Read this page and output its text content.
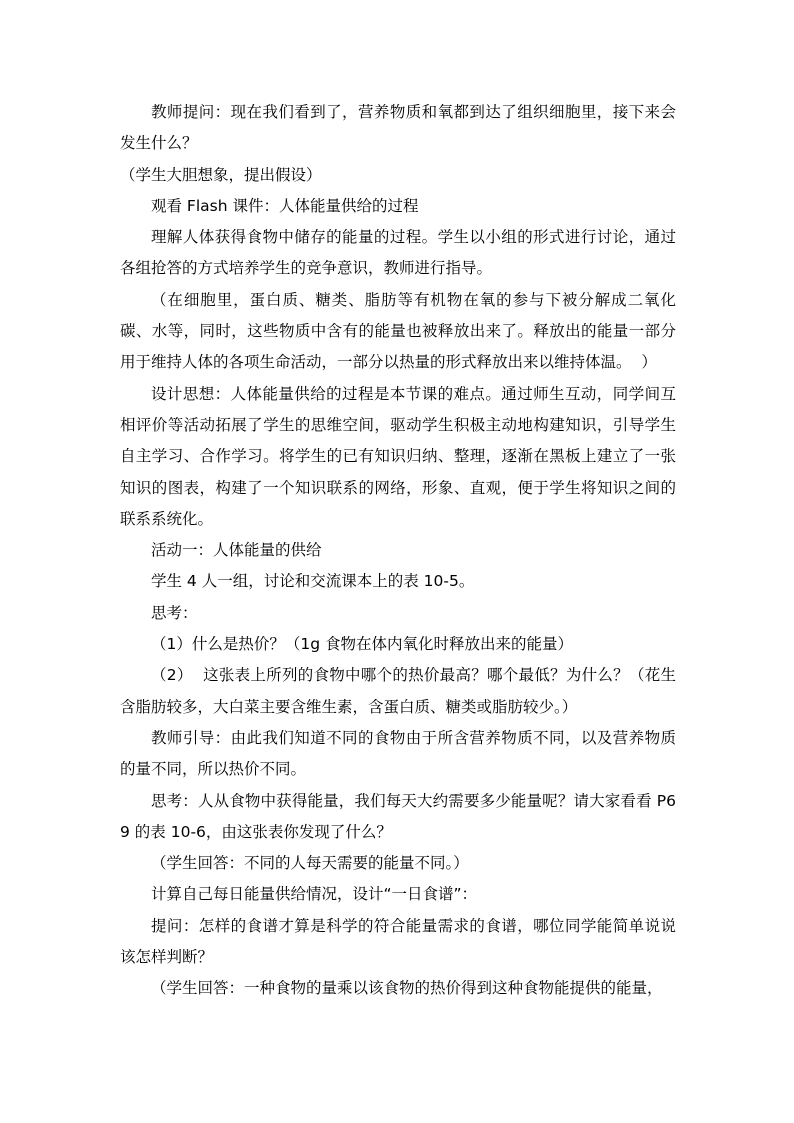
教师提问：现在我们看到了，营养物质和氧都到达了组织细胞里，接下来会发生什么？

（学生大胆想象，提出假设）

观看 Flash 课件：人体能量供给的过程

理解人体获得食物中储存的能量的过程。学生以小组的形式进行讨论，通过各组抢答的方式培养学生的竞争意识，教师进行指导。

（在细胞里，蛋白质、糖类、脂肪等有机物在氧的参与下被分解成二氧化碳、水等，同时，这些物质中含有的能量也被释放出来了。释放出的能量一部分用于维持人体的各项生命活动，一部分以热量的形式释放出来以维持体温。  ）

设计思想：人体能量供给的过程是本节课的难点。通过师生互动，同学间互相评价等活动拓展了学生的思维空间，驱动学生积极主动地构建知识，引导学生自主学习、合作学习。将学生的已有知识归纳、整理，逐渐在黑板上建立了一张知识的图表，构建了一个知识联系的网络，形象、直观，便于学生将知识之间的联系系统化。

活动一：人体能量的供给

学生 4 人一组，讨论和交流课本上的表 10-5。

思考：

（1）什么是热价？（1g 食物在体内氧化时释放出来的能量）

（2）  这张表上所列的食物中哪个的热价最高？哪个最低？为什么？（花生含脂肪较多，大白菜主要含维生素，含蛋白质、糖类或脂肪较少。）

教师引导：由此我们知道不同的食物由于所含营养物质不同，以及营养物质的量不同，所以热价不同。

思考：人从食物中获得能量，我们每天大约需要多少能量呢？请大家看看 P69 的表 10-6，由这张表你发现了什么？

（学生回答：不同的人每天需要的能量不同。）

计算自己每日能量供给情况，设计“一日食谱”：

提问：怎样的食谱才算是科学的符合能量需求的食谱，哪位同学能简单说说该怎样判断？

（学生回答：一种食物的量乘以该食物的热价得到这种食物能提供的能量，
